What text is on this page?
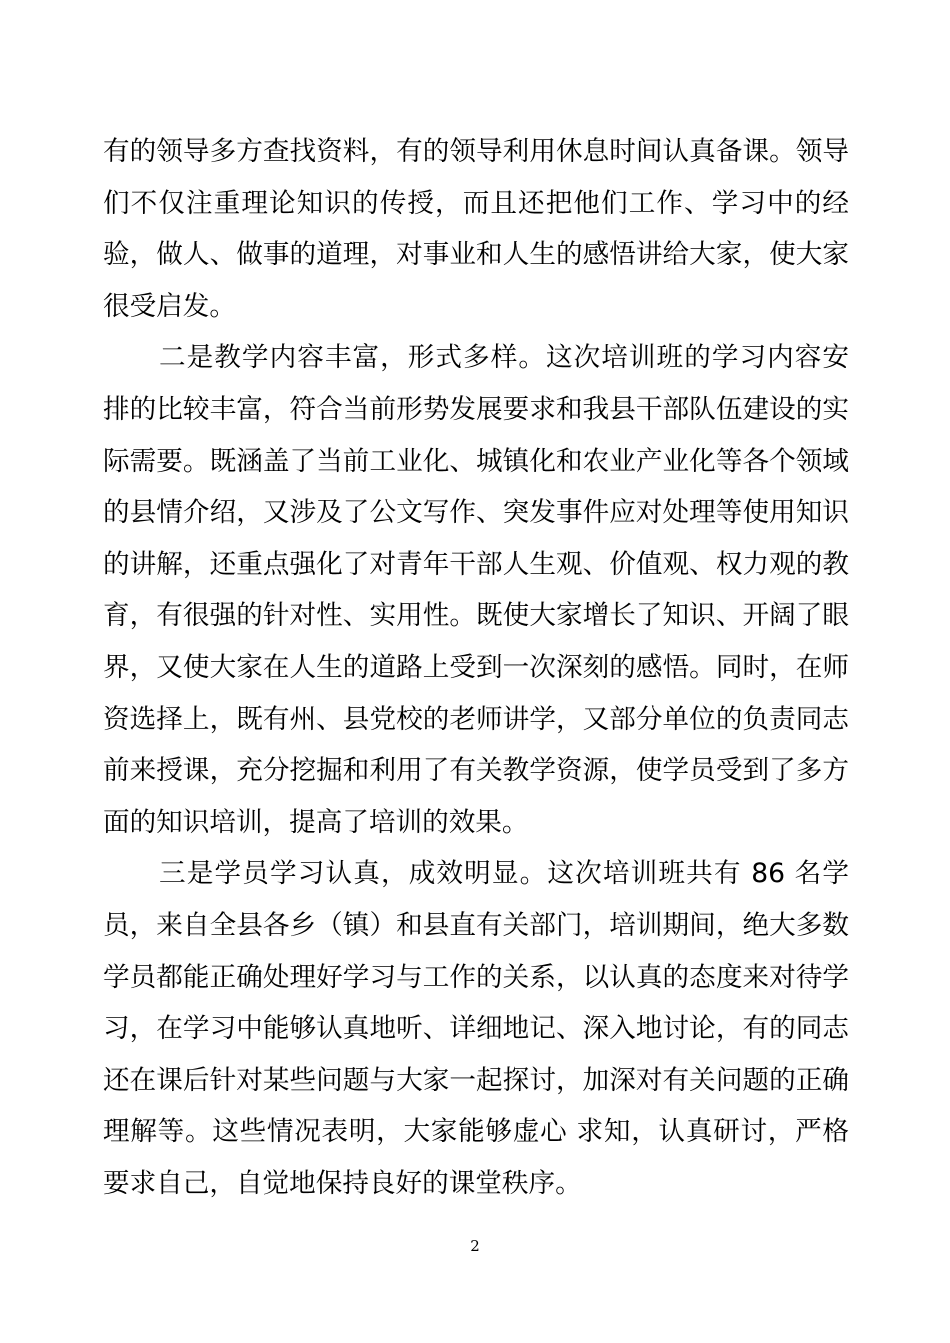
有的领导多方查找资料，有的领导利用休息时间认真备课。领导们不仅注重理论知识的传授，而且还把他们工作、学习中的经验，做人、做事的道理，对事业和人生的感悟讲给大家，使大家很受启发。

二是教学内容丰富，形式多样。这次培训班的学习内容安排的比较丰富，符合当前形势发展要求和我县干部队伍建设的实际需要。既涵盖了当前工业化、城镇化和农业产业化等各个领域的县情介绍，又涉及了公文写作、突发事件应对处理等使用知识的讲解，还重点强化了对青年干部人生观、价值观、权力观的教育，有很强的针对性、实用性。既使大家增长了知识、开阔了眼界，又使大家在人生的道路上受到一次深刻的感悟。同时，在师资选择上，既有州、县党校的老师讲学，又部分单位的负责同志前来授课，充分挖掘和利用了有关教学资源，使学员受到了多方面的知识培训，提高了培训的效果。

三是学员学习认真，成效明显。这次培训班共有 86 名学员，来自全县各乡（镇）和县直有关部门，培训期间，绝大多数学员都能正确处理好学习与工作的关系，以认真的态度来对待学习，在学习中能够认真地听、详细地记、深入地讨论，有的同志还在课后针对某些问题与大家一起探讨，加深对有关问题的正确理解等。这些情况表明，大家能够虚心 求知，认真研讨，严格要求自己，自觉地保持良好的课堂秩序。

2
